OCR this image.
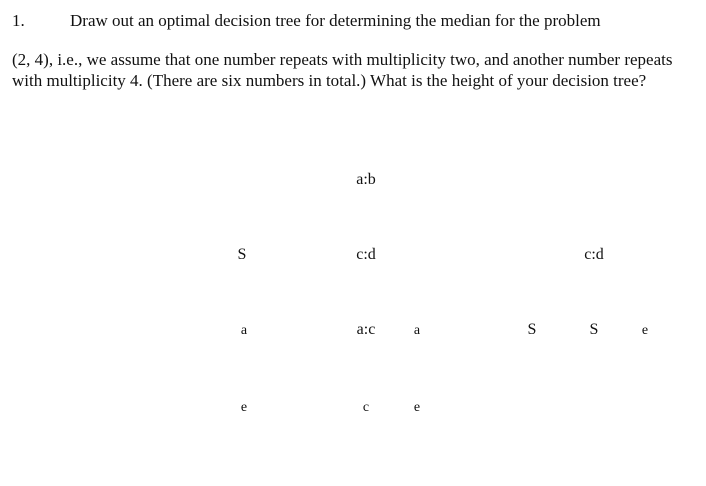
1.	Draw out an optimal decision tree for determining the median for the problem
(2, 4), i.e., we assume that one number repeats with multiplicity two, and another number repeats with multiplicity 4. (There are six numbers in total.) What is the height of your decision tree?
a:b
S	c:d	c:d
a	a:c	a	S	S	e
e	c	e
